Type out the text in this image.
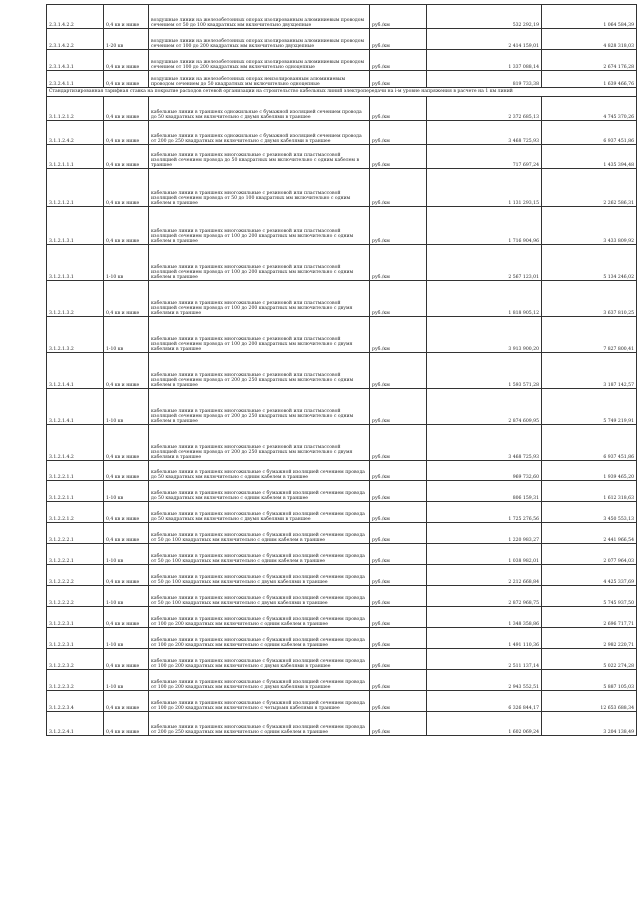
2.3.1.4.2.2	0,4 кв и ниже	воздушные линии на железобетонных опорах изолированным алюминиевым проводом сечением от 50 до 100 квадратных мм включительно двухцепные	руб./км	532 292,19	1 064 584,39
2.3.1.4.2.2	1-20 кв	воздушные линии на железобетонных опорах изолированным алюминиевым проводом сечением от 100 до 200 квадратных мм включительно двухцепные	руб./км	2 414 159,01	4 828 318,03
2.3.1.4.3.1	0,4 кв и ниже	воздушные линии на железобетонных опорах изолированным алюминиевым проводом сечением от 100 до 200 квадратных мм включительно одноцепные	руб./км	1 337 088,14	2 674 176,28
2.3.2.4.1.1	0,4 кв и ниже	воздушные линии на железобетонных опорах неизолированным алюминиевым проводом сечением до 50 квадратных мм включительно одноцепные	руб./км	819 733,38	1 639 466,76
Стандартизированная тарифная ставка на покрытие расходов сетевой организации на строительство кабельных линий электропередачи на i-м уровне напряжения в расчете на 1 км линий					
3.1.1.2.1.2	0,4 кв и ниже	кабельные линии в траншеях одножильные с бумажной изоляцией сечением провода до 50 квадратных мм включительно с двумя кабелями в траншее	руб./км	2 372 685,13	4 745 370,26
3.1.1.2.4.2	0,4 кв и ниже	кабельные линии в траншеях одножильные с бумажной изоляцией сечением провода от 200 до 250 квадратных мм включительно с двумя кабелями в траншее	руб./км	3 468 725,93	6 937 451,86
3.1.2.1.1.1	0,4 кв и ниже	кабельные линии в траншеях многожильные с резиновой или пластмассовой изоляцией сечением провода до 50 квадратных мм включительно с одним кабелем в траншее	руб./км	717 697,24	1 435 394,48
3.1.2.1.2.1	0,4 кв и ниже	кабельные линии в траншеях многожильные с резиновой или пластмассовой изоляцией сечением провода от 50 до 100 квадратных мм включительно с одним кабелем в траншее	руб./км	1 131 293,15	2 262 586,31
3.1.2.1.3.1	0,4 кв и ниже	кабельные линии в траншеях многожильные с резиновой или пластмассовой изоляцией сечением провода от 100 до 200 квадратных мм включительно с одним кабелем в траншее	руб./км	1 716 904,96	3 433 809,92
3.1.2.1.3.1	1-10 кв	кабельные линии в траншеях многожильные с резиновой или пластмассовой изоляцией сечением провода от 100 до 200 квадратных мм включительно с одним кабелем в траншее	руб./км	2 567 123,01	5 134 246,02
3.1.2.1.3.2	0,4 кв и ниже	кабельные линии в траншеях многожильные с резиновой или пластмассовой изоляцией сечением провода от 100 до 200 квадратных мм включительно с двумя кабелями в траншее	руб./км	1 818 905,12	3 637 810,25
3.1.2.1.3.2	1-10 кв	кабельные линии в траншеях многожильные с резиновой или пластмассовой изоляцией сечением провода от 100 до 200 квадратных мм включительно с двумя кабелями в траншее	руб./км	3 913 900,20	7 827 800,41
3.1.2.1.4.1	0,4 кв и ниже	кабельные линии в траншеях многожильные с резиновой или пластмассовой изоляцией сечением провода от 200 до 250 квадратных мм включительно с одним кабелем в траншее	руб./км	1 593 571,28	3 187 142,57
3.1.2.1.4.1	1-10 кв	кабельные линии в траншеях многожильные с резиновой или пластмассовой изоляцией сечением провода от 200 до 250 квадратных мм включительно с одним кабелем в траншее	руб./км	2 874 609,95	5 749 219,91
3.1.2.1.4.2	0,4 кв и ниже	кабельные линии в траншеях многожильные с резиновой или пластмассовой изоляцией сечением провода от 200 до 250 квадратных мм включительно с двумя кабелями в траншее	руб./км	3 468 725,93	6 937 451,86
3.1.2.2.1.1	0,4 кв и ниже	кабельные линии в траншеях многожильные с бумажной изоляцией сечением провода до 50 квадратных мм включительно с одним кабелем в траншее	руб./км	969 732,60	1 939 465,20
3.1.2.2.1.1	1-10 кв	кабельные линии в траншеях многожильные с бумажной изоляцией сечением провода до 50 квадратных мм включительно с одним кабелем в траншее	руб./км	806 159,31	1 612 318,63
3.1.2.2.1.2	0,4 кв и ниже	кабельные линии в траншеях многожильные с бумажной изоляцией сечением провода до 50 квадратных мм включительно с двумя кабелями в траншее	руб./км	1 725 276,56	3 450 553,13
3.1.2.2.2.1	0,4 кв и ниже	кабельные линии в траншеях многожильные с бумажной изоляцией сечением провода от 50 до 100 квадратных мм включительно с одним кабелем в траншее	руб./км	1 220 983,27	2 441 966,54
3.1.2.2.2.1	1-10 кв	кабельные линии в траншеях многожильные с бумажной изоляцией сечением провода от 50 до 100 квадратных мм включительно с одним кабелем в траншее	руб./км	1 038 982,01	2 077 964,03
3.1.2.2.2.2	0,4 кв и ниже	кабельные линии в траншеях многожильные с бумажной изоляцией сечением провода от 50 до 100 квадратных мм включительно с двумя кабелями в траншее	руб./км	2 212 668,84	4 425 337,69
3.1.2.2.2.2	1-10 кв	кабельные линии в траншеях многожильные с бумажной изоляцией сечением провода от 50 до 100 квадратных мм включительно с двумя кабелями в траншее	руб./км	2 872 968,75	5 745 937,50
3.1.2.2.3.1	0,4 кв и ниже	кабельные линии в траншеях многожильные с бумажной изоляцией сечением провода от 100 до 200 квадратных мм включительно с одним кабелем в траншее	руб./км	1 348 358,86	2 696 717,71
3.1.2.2.3.1	1-10 кв	кабельные линии в траншеях многожильные с бумажной изоляцией сечением провода от 100 до 200 квадратных мм включительно с одним кабелем в траншее	руб./км	1 491 110,36	2 982 220,71
3.1.2.2.3.2	0,4 кв и ниже	кабельные линии в траншеях многожильные с бумажной изоляцией сечением провода от 100 до 200 квадратных мм включительно с двумя кабелями в траншее	руб./км	2 511 137,14	5 022 274,28
3.1.2.2.3.2	1-10 кв	кабельные линии в траншеях многожильные с бумажной изоляцией сечением провода от 100 до 200 квадратных мм включительно с двумя кабелями в траншее	руб./км	2 943 552,51	5 887 105,03
3.1.2.2.3.4	0,4 кв и ниже	кабельные линии в траншеях многожильные с бумажной изоляцией сечением провода от 100 до 200 квадратных мм включительно с четырьмя кабелями в траншее	руб./км	6 326 844,17	12 653 688,34
3.1.2.2.4.1	0,4 кв и ниже	кабельные линии в траншеях многожильные с бумажной изоляцией сечением провода от 200 до 250 квадратных мм включительно с одним кабелем в траншее	руб./км	1 602 069,24	3 204 138,49
